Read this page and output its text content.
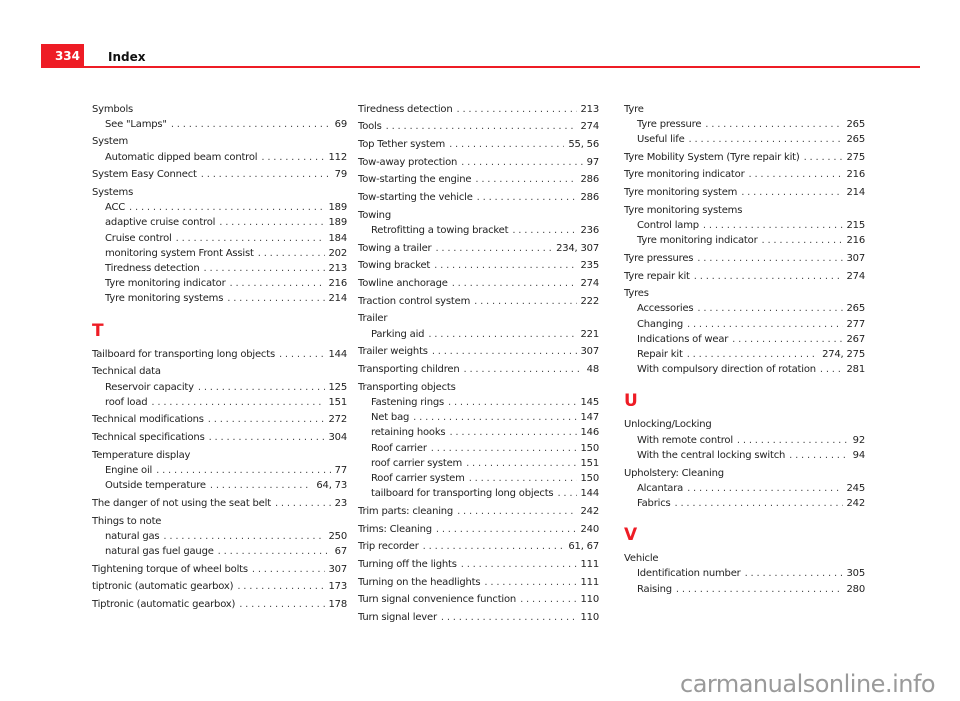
334	Index
Symbols
See "Lamps" . . .	69
System
Automatic dipped beam control . . .	112
System Easy Connect . . .	79
Systems
ACC . . .	189
adaptive cruise control . . .	189
Cruise control . . .	184
monitoring system Front Assist . . .	202
Tiredness detection . . .	213
Tyre monitoring indicator . . .	216
Tyre monitoring systems . . .	214
T
Tailboard for transporting long objects . . .	144
Technical data
Reservoir capacity . . .	125
roof load . . .	151
Technical modifications . . .	272
Technical specifications . . .	304
Temperature display
Engine oil . . .	77
Outside temperature . . .	64, 73
The danger of not using the seat belt . . .	23
Things to note
natural gas . . .	250
natural gas fuel gauge . . .	67
Tightening torque of wheel bolts . . .	307
tiptronic (automatic gearbox) . . .	173
Tiptronic (automatic gearbox) . . .	178
Tiredness detection . . .	213
Tools . . .	274
Top Tether system . . .	55, 56
Tow-away protection . . .	97
Tow-starting the engine . . .	286
Tow-starting the vehicle . . .	286
Towing
Retrofitting a towing bracket . . .	236
Towing a trailer . . .	234, 307
Towing bracket . . .	235
Towline anchorage . . .	274
Traction control system . . .	222
Trailer
Parking aid . . .	221
Trailer weights . . .	307
Transporting children . . .	48
Transporting objects
Fastening rings . . .	145
Net bag . . .	147
retaining hooks . . .	146
Roof carrier . . .	150
roof carrier system . . .	151
Roof carrier system . . .	150
tailboard for transporting long objects . . .	144
Trim parts: cleaning . . .	242
Trims: Cleaning . . .	240
Trip recorder . . .	61, 67
Turning off the lights . . .	111
Turning on the headlights . . .	111
Turn signal convenience function . . .	110
Turn signal lever . . .	110
Tyre
Tyre pressure . . .	265
Useful life . . .	265
Tyre Mobility System (Tyre repair kit) . . .	275
Tyre monitoring indicator . . .	216
Tyre monitoring system . . .	214
Tyre monitoring systems
Control lamp . . .	215
Tyre monitoring indicator . . .	216
Tyre pressures . . .	307
Tyre repair kit . . .	274
Tyres
Accessories . . .	265
Changing . . .	277
Indications of wear . . .	267
Repair kit . . .	274, 275
With compulsory direction of rotation . . .	281
U
Unlocking/Locking
With remote control . . .	92
With the central locking switch . . .	94
Upholstery: Cleaning
Alcantara . . .	245
Fabrics . . .	242
V
Vehicle
Identification number . . .	305
Raising . . .	280
carmanualsonline.info
